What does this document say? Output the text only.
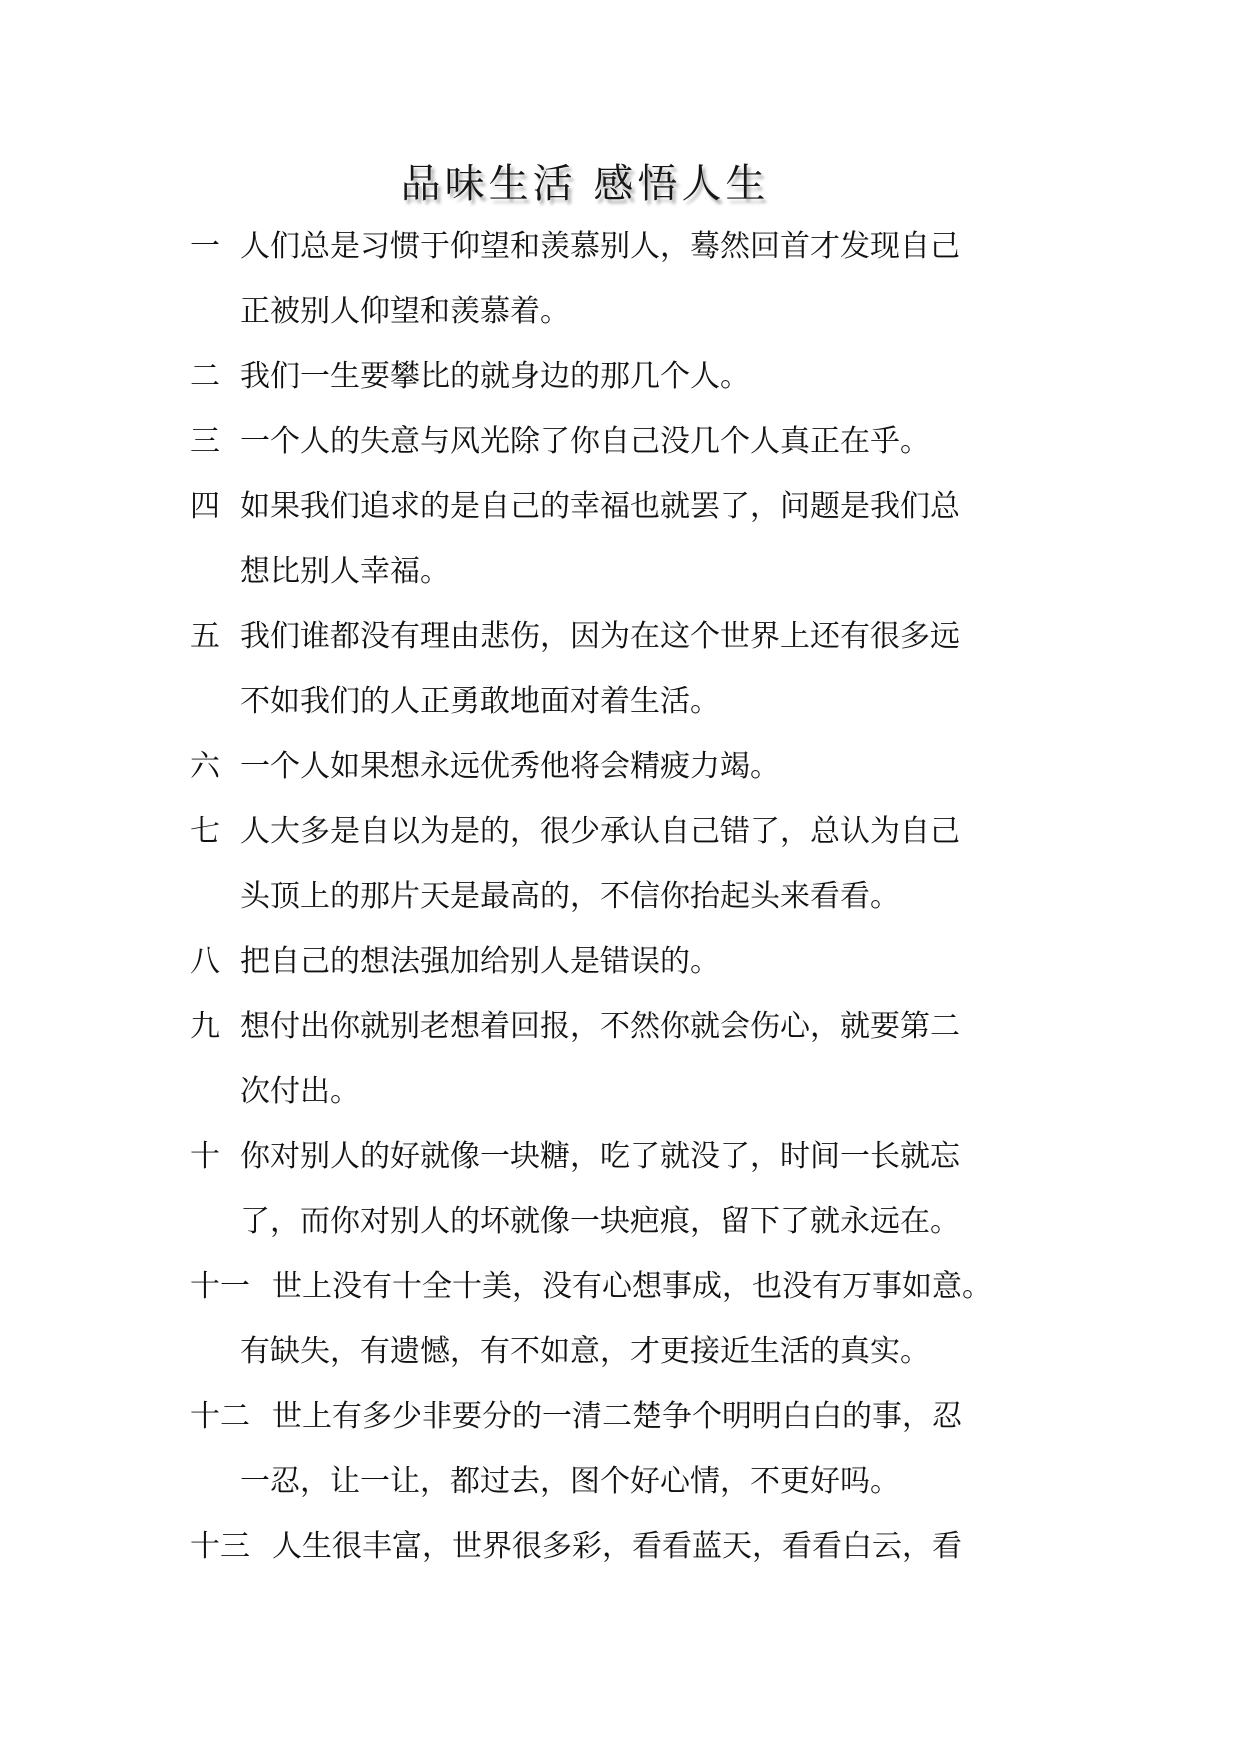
品味生活 感悟人生
一 人们总是习惯于仰望和羡慕别人，蓦然回首才发现自己
正被别人仰望和羡慕着。
二 我们一生要攀比的就身边的那几个人。
三 一个人的失意与风光除了你自己没几个人真正在乎。
四 如果我们追求的是自己的幸福也就罢了，问题是我们总
想比别人幸福。
五 我们谁都没有理由悲伤，因为在这个世界上还有很多远
不如我们的人正勇敢地面对着生活。
六 一个人如果想永远优秀他将会精疲力竭。
七 人大多是自以为是的，很少承认自己错了，总认为自己
头顶上的那片天是最高的，不信你抬起头来看看。
八 把自己的想法强加给别人是错误的。
九 想付出你就别老想着回报，不然你就会伤心，就要第二
次付出。
十 你对别人的好就像一块糖，吃了就没了，时间一长就忘
了，而你对别人的坏就像一块疤痕，留下了就永远在。
十一 世上没有十全十美，没有心想事成，也没有万事如意。
有缺失，有遗憾，有不如意，才更接近生活的真实。
十二 世上有多少非要分的一清二楚争个明明白白的事，忍
一忍，让一让，都过去，图个好心情，不更好吗。
十三 人生很丰富，世界很多彩，看看蓝天，看看白云，看
